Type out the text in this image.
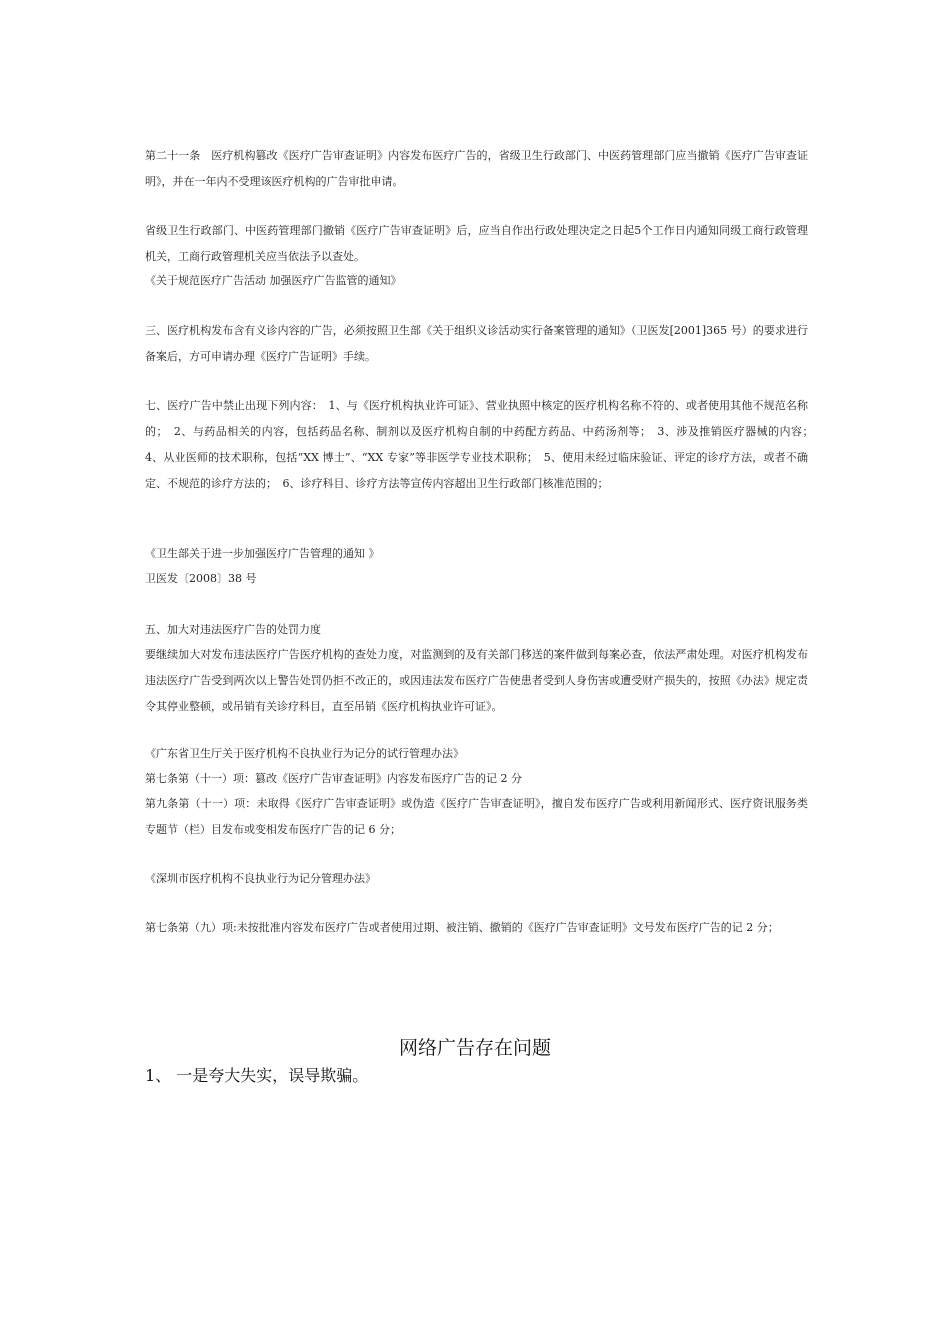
第二十一条　医疗机构篡改《医疗广告审查证明》内容发布医疗广告的，省级卫生行政部门、中医药管理部门应当撤销《医疗广告审查证明》，并在一年内不受理该医疗机构的广告审批申请。
省级卫生行政部门、中医药管理部门撤销《医疗广告审查证明》后，应当自作出行政处理决定之日起5个工作日内通知同级工商行政管理机关，工商行政管理机关应当依法予以查处。
《关于规范医疗广告活动 加强医疗广告监管的通知》
三、医疗机构发布含有义诊内容的广告，必须按照卫生部《关于组织义诊活动实行备案管理的通知》（卫医发[2001]365 号）的要求进行备案后，方可申请办理《医疗广告证明》手续。
七、医疗广告中禁止出现下列内容：　1、与《医疗机构执业许可证》、营业执照中核定的医疗机构名称不符的、或者使用其他不规范名称的；　2、与药品相关的内容，包括药品名称、制剂以及医疗机构自制的中药配方药品、中药汤剂等；　3、涉及推销医疗器械的内容；　4、从业医师的技术职称，包括“XX 博士”、“XX 专家”等非医学专业技术职称；　5、使用未经过临床验证、评定的诊疗方法，或者不确定、不规范的诊疗方法的；　6、诊疗科目、诊疗方法等宣传内容超出卫生行政部门核准范围的；
《卫生部关于进一步加强医疗广告管理的通知 》
卫医发〔2008〕38 号
五、加大对违法医疗广告的处罚力度
要继续加大对发布违法医疗广告医疗机构的查处力度，对监测到的及有关部门移送的案件做到每案必查，依法严肃处理。对医疗机构发布违法医疗广告受到两次以上警告处罚仍拒不改正的，或因违法发布医疗广告使患者受到人身伤害或遭受财产损失的，按照《办法》规定责令其停业整顿，或吊销有关诊疗科目，直至吊销《医疗机构执业许可证》。
《广东省卫生厅关于医疗机构不良执业行为记分的试行管理办法》
第七条第（十一）项：篡改《医疗广告审查证明》内容发布医疗广告的记 2 分
第九条第（十一）项：未取得《医疗广告审查证明》或伪造《医疗广告审查证明》，擅自发布医疗广告或利用新闻形式、医疗资讯服务类专题节（栏）目发布或变相发布医疗广告的记 6 分；
《深圳市医疗机构不良执业行为记分管理办法》
第七条第（九）项:未按批准内容发布医疗广告或者使用过期、被注销、撤销的《医疗广告审查证明》文号发布医疗广告的记 2 分；
网络广告存在问题
1、 一是夸大失实，误导欺骗。
